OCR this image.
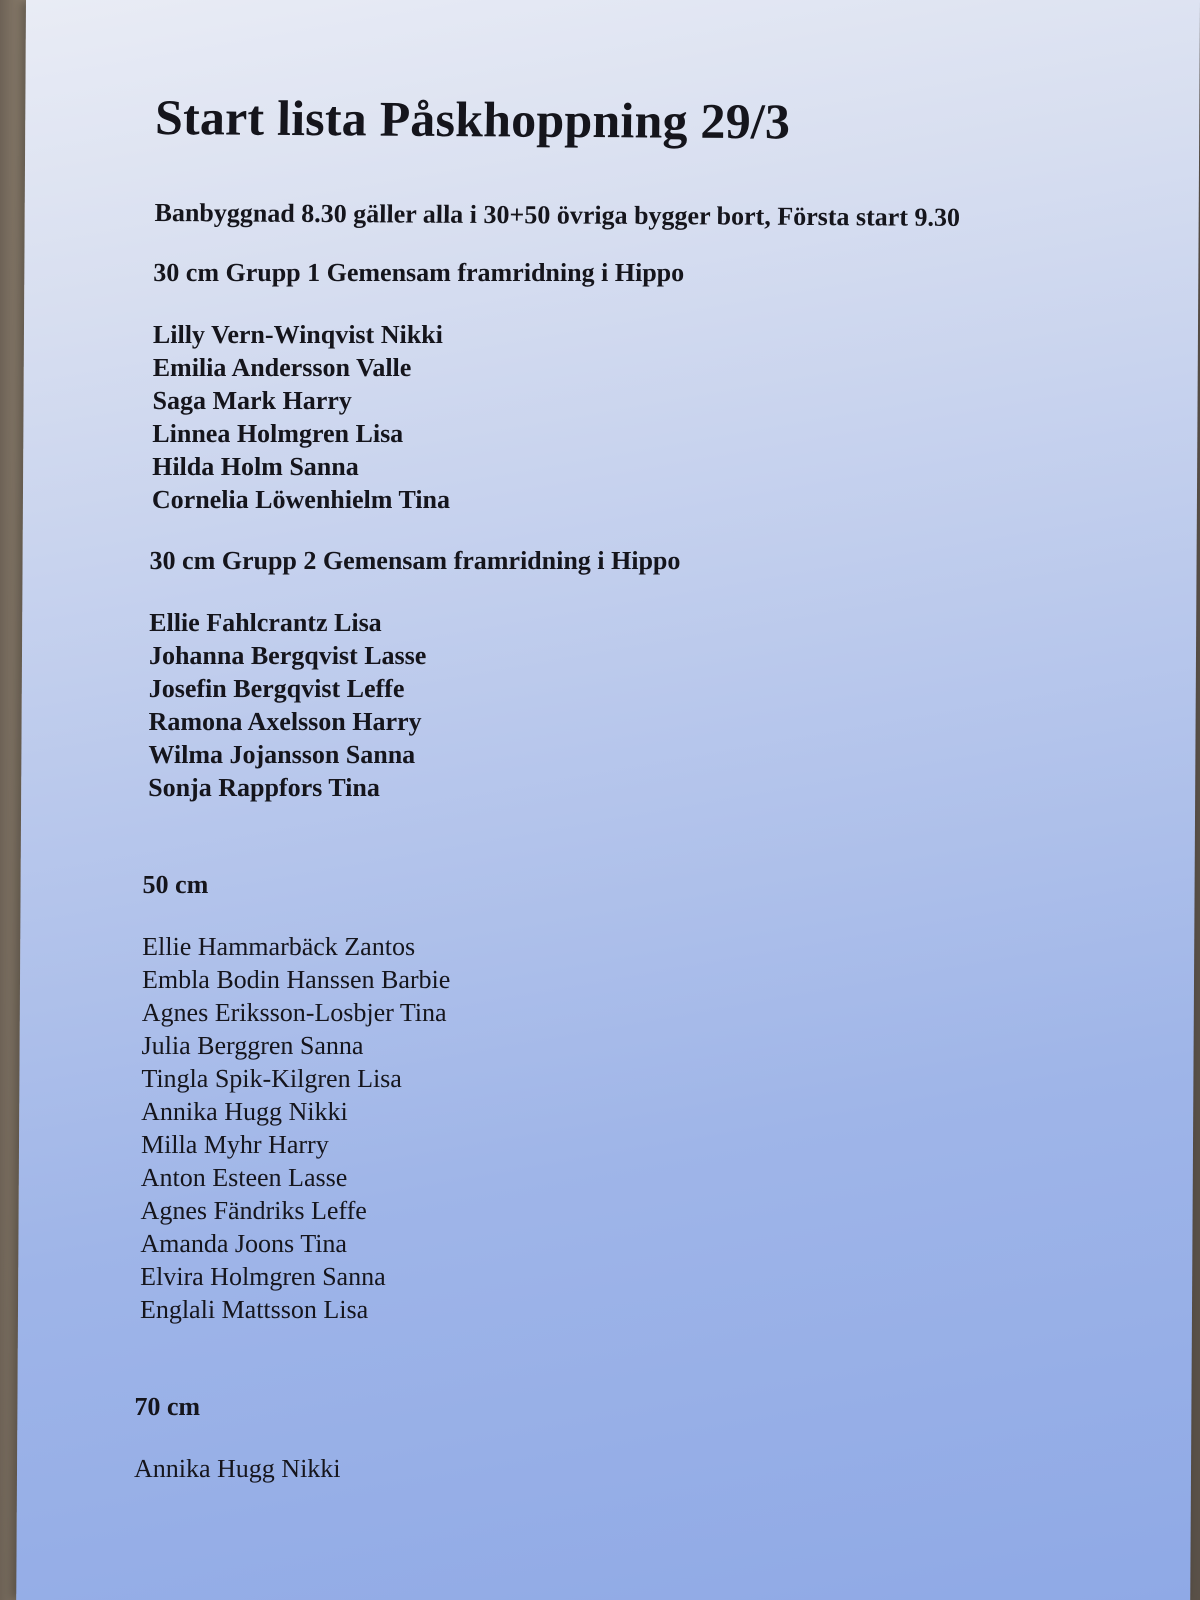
Start lista Påskhoppning 29/3

Banbyggnad 8.30 gäller alla i 30+50 övriga bygger bort, Första start 9.30

30 cm Grupp 1 Gemensam framridning i Hippo

Lilly Vern-Winqvist Nikki
Emilia Andersson Valle
Saga Mark Harry
Linnea Holmgren Lisa
Hilda Holm Sanna
Cornelia Löwenhielm Tina

30 cm Grupp 2 Gemensam framridning i Hippo

Ellie Fahlcrantz Lisa
Johanna Bergqvist Lasse
Josefin Bergqvist Leffe
Ramona Axelsson Harry
Wilma Jojansson Sanna
Sonja Rappfors Tina

50 cm

Ellie Hammarbäck Zantos
Embla Bodin Hanssen Barbie
Agnes Eriksson-Losbjer Tina
Julia Berggren Sanna
Tingla Spik-Kilgren Lisa
Annika Hugg Nikki
Milla Myhr Harry
Anton Esteen Lasse
Agnes Fändriks Leffe
Amanda Joons Tina
Elvira Holmgren Sanna
Englali Mattsson Lisa

70 cm

Annika Hugg Nikki
